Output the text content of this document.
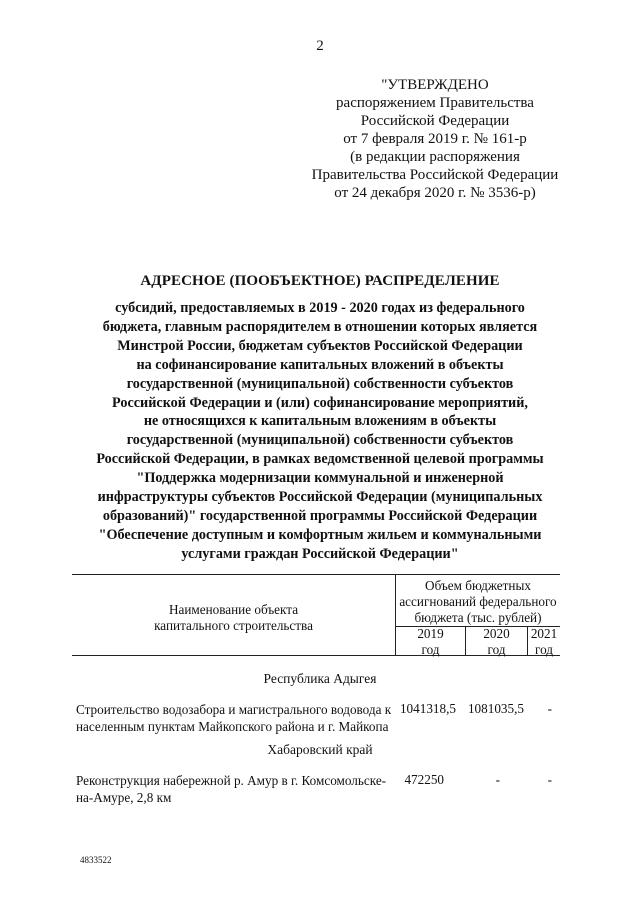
2
"УТВЕРЖДЕНО
распоряжением Правительства
Российской Федерации
от 7 февраля 2019 г. № 161-р
(в редакции распоряжения
Правительства Российской Федерации
от 24 декабря 2020 г. № 3536-р)
АДРЕСНОЕ (ПООБЪЕКТНОЕ) РАСПРЕДЕЛЕНИЕ
субсидий, предоставляемых в 2019 - 2020 годах из федерального
бюджета, главным распорядителем в отношении которых является
Минстрой России, бюджетам субъектов Российской Федерации
на софинансирование капитальных вложений в объекты
государственной (муниципальной) собственности субъектов
Российской Федерации и (или) софинансирование мероприятий,
не относящихся к капитальным вложениям в объекты
государственной (муниципальной) собственности субъектов
Российской Федерации, в рамках ведомственной целевой программы
"Поддержка модернизации коммунальной и инженерной
инфраструктуры субъектов Российской Федерации (муниципальных
образований)" государственной программы Российской Федерации
"Обеспечение доступным и комфортным жильем и коммунальными
услугами граждан Российской Федерации"
Наименование объекта
капитального строительства
Объем бюджетных
ассигнований федерального
бюджета (тыс. рублей)
2019
год
2020
год
2021
год
Республика Адыгея
Строительство водозабора и магистрального водовода к
населенным пунктам Майкопского района и г. Майкопа
1041318,5 1081035,5	-
Хабаровский край
Реконструкция набережной р. Амур в г. Комсомольске-
на-Амуре, 2,8 км
472250	-	-
4833522
